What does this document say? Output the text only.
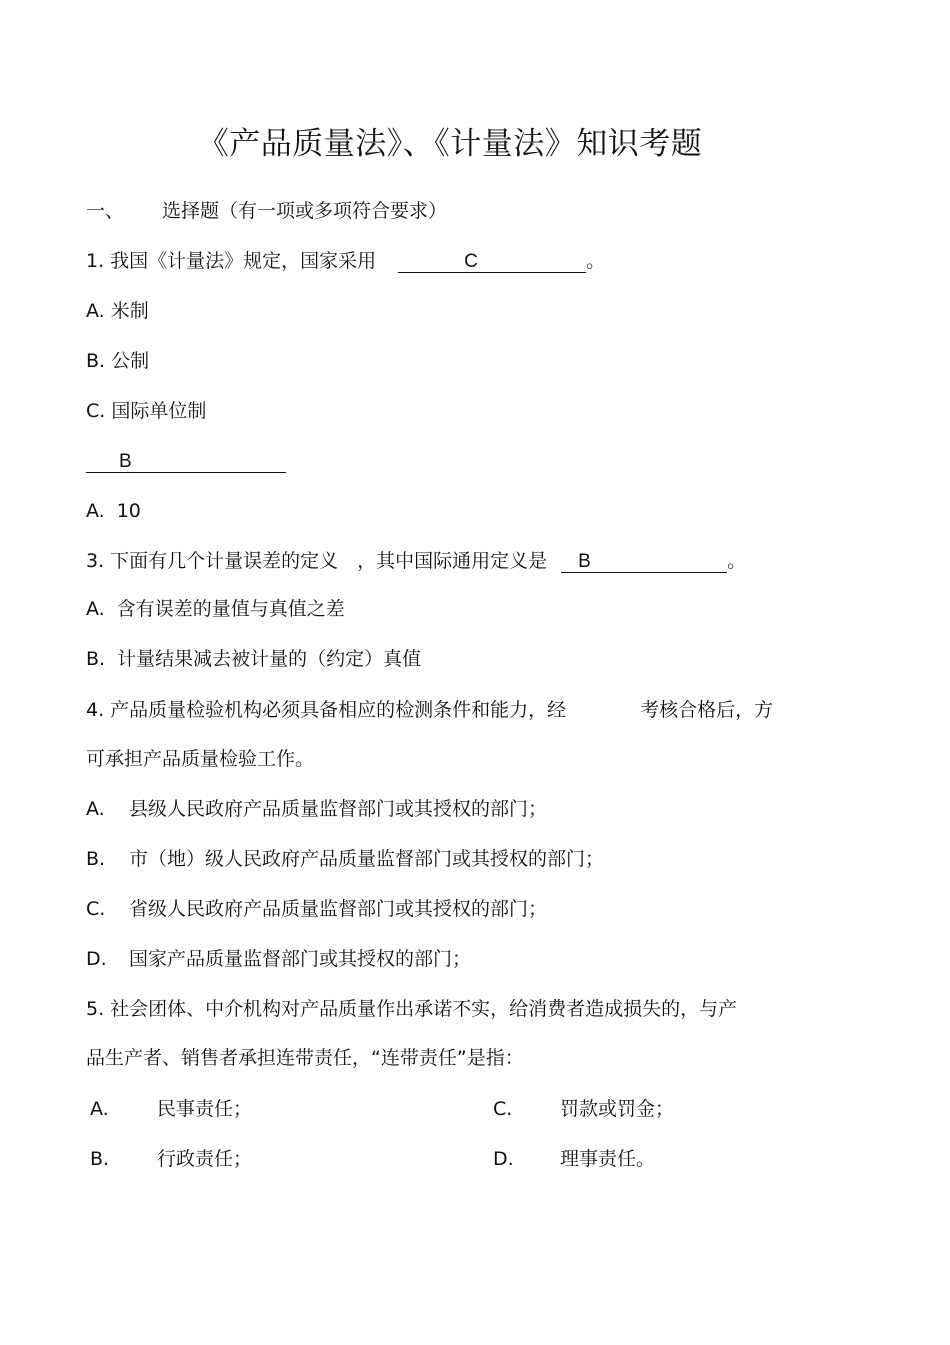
《产品质量法》、《计量法》知识考题
一、 选择题（有一项或多项符合要求）
1. 我国《计量法》规定，国家采用	C	。
A. 米制
B. 公制
C. 国际单位制
B
A. 10
3. 下面有几个计量误差的定义　，其中国际通用定义是 B	。
A. 含有误差的量值与真值之差
B. 计量结果减去被计量的（约定）真值
4. 产品质量检验机构必须具备相应的检测条件和能力，经	考核合格后，方
可承担产品质量检验工作。
A. 县级人民政府产品质量监督部门或其授权的部门；
B. 市（地）级人民政府产品质量监督部门或其授权的部门；
C. 省级人民政府产品质量监督部门或其授权的部门；
D. 国家产品质量监督部门或其授权的部门；
5. 社会团体、中介机构对产品质量作出承诺不实，给消费者造成损失的，与产
品生产者、销售者承担连带责任，“连带责任”是指：
A.	民事责任；	C.	罚款或罚金；
B.	行政责任；	D. 理事责任。
